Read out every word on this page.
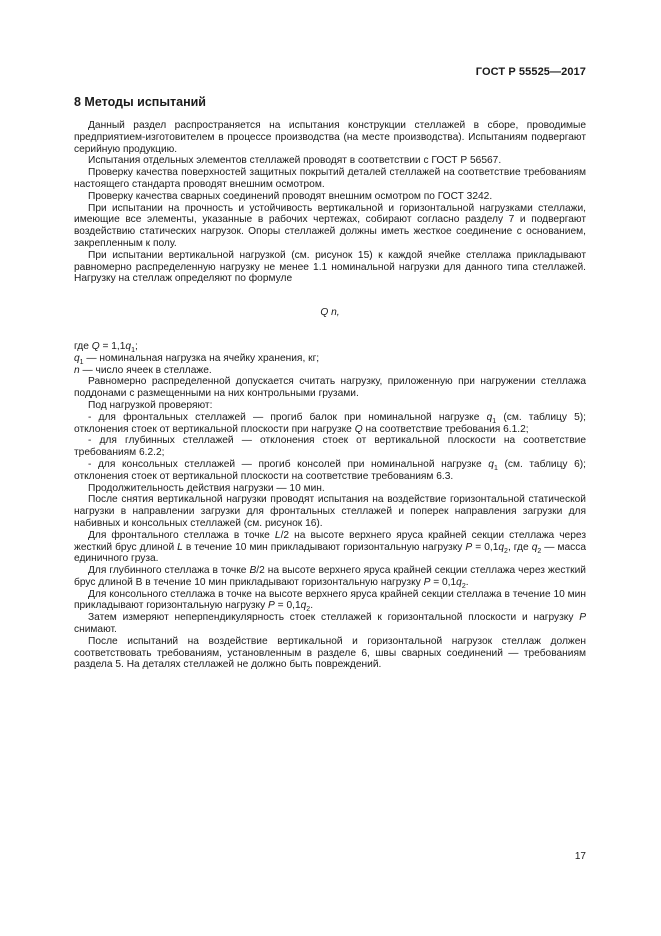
ГОСТ Р 55525—2017
8 Методы испытаний
Данный раздел распространяется на испытания конструкции стеллажей в сборе, проводимые предприятием-изготовителем в процессе производства (на месте производства). Испытаниям подвергают серийную продукцию.
Испытания отдельных элементов стеллажей проводят в соответствии с ГОСТ Р 56567.
Проверку качества поверхностей защитных покрытий деталей стеллажей на соответствие требованиям настоящего стандарта проводят внешним осмотром.
Проверку качества сварных соединений проводят внешним осмотром по ГОСТ 3242.
При испытании на прочность и устойчивость вертикальной и горизонтальной нагрузками стеллажи, имеющие все элементы, указанные в рабочих чертежах, собирают согласно разделу 7 и подвергают воздействию статических нагрузок. Опоры стеллажей должны иметь жесткое соединение с основанием, закрепленным к полу.
При испытании вертикальной нагрузкой (см. рисунок 15) к каждой ячейке стеллажа прикладывают равномерно распределенную нагрузку не менее 1.1 номинальной нагрузки для данного типа стеллажей. Нагрузку на стеллаж определяют по формуле
Q n,
где $Q = 1,1q_1$;
$q_1$ — номинальная нагрузка на ячейку хранения, кг;
n — число ячеек в стеллаже.
Равномерно распределенной допускается считать нагрузку, приложенную при нагружении стеллажа поддонами с размещенными на них контрольными грузами.
Под нагрузкой проверяют:
- для фронтальных стеллажей — прогиб балок при номинальной нагрузке $q_1$ (см. таблицу 5); отклонения стоек от вертикальной плоскости при нагрузке Q на соответствие требования 6.1.2;
- для глубинных стеллажей — отклонения стоек от вертикальной плоскости на соответствие требованиям 6.2.2;
- для консольных стеллажей — прогиб консолей при номинальной нагрузке $q_1$ (см. таблицу 6); отклонения стоек от вертикальной плоскости на соответствие требованиям 6.3.
Продолжительность действия нагрузки — 10 мин.
После снятия вертикальной нагрузки проводят испытания на воздействие горизонтальной статической нагрузки в направлении загрузки для фронтальных стеллажей и поперек направления загрузки для набивных и консольных стеллажей (см. рисунок 16).
Для фронтального стеллажа в точке L/2 на высоте верхнего яруса крайней секции стеллажа через жесткий брус длиной L в течение 10 мин прикладывают горизонтальную нагрузку $P = 0,1q_2$, где $q_2$ — масса единичного груза.
Для глубинного стеллажа в точке B/2 на высоте верхнего яруса крайней секции стеллажа через жесткий брус длиной B в течение 10 мин прикладывают горизонтальную нагрузку $P = 0,1q_2$.
Для консольного стеллажа в точке на высоте верхнего яруса крайней секции стеллажа в течение 10 мин прикладывают горизонтальную нагрузку $P = 0,1q_2$.
Затем измеряют неперпендикулярность стоек стеллажей к горизонтальной плоскости и нагрузку P снимают.
После испытаний на воздействие вертикальной и горизонтальной нагрузок стеллаж должен соответствовать требованиям, установленным в разделе 6, швы сварных соединений — требованиям раздела 5. На деталях стеллажей не должно быть повреждений.
17
